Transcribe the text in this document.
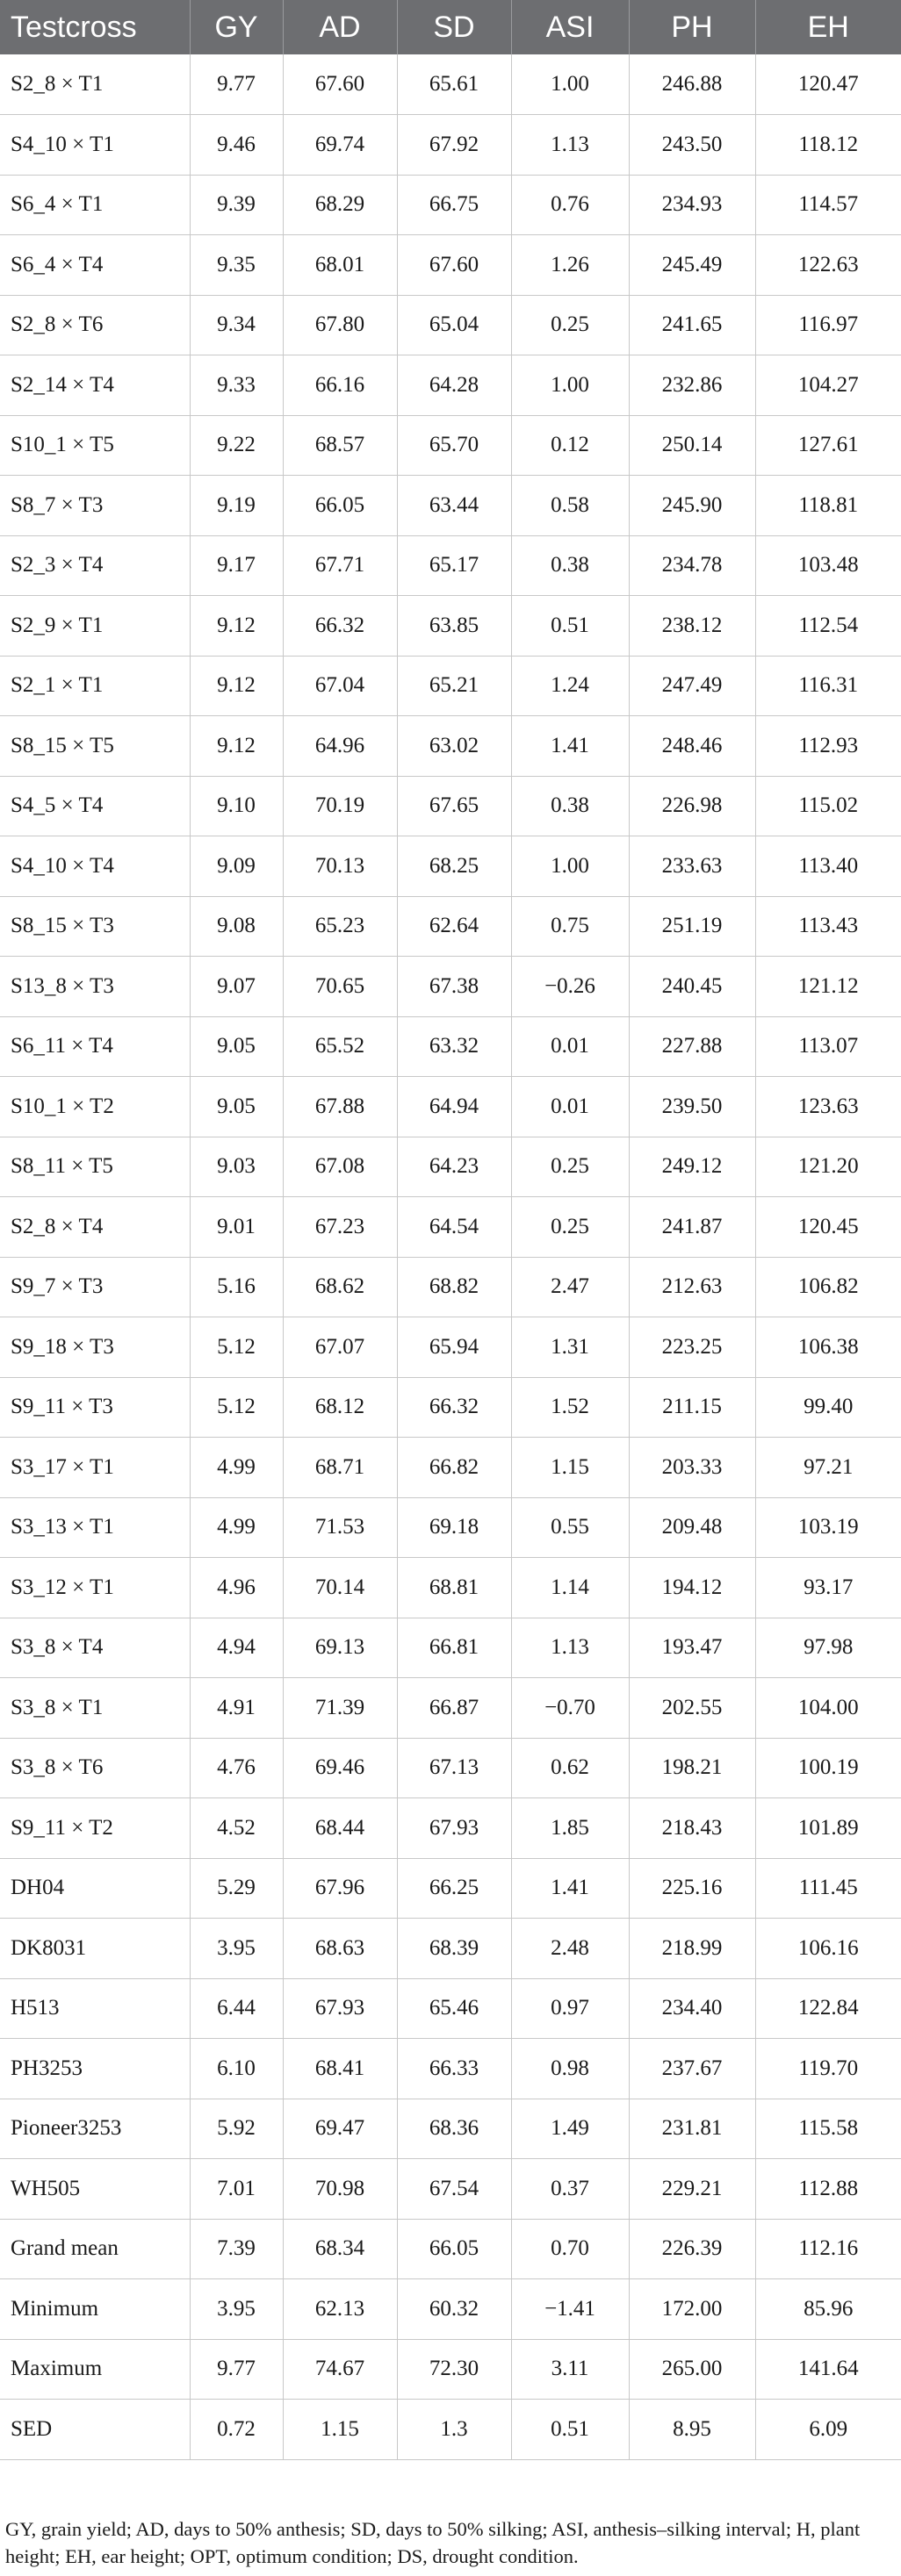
Testcross	GY	AD	SD	ASI	PH	EH
S2_8 × T1	9.77	67.60	65.61	1.00	246.88	120.47
S4_10 × T1	9.46	69.74	67.92	1.13	243.50	118.12
S6_4 × T1	9.39	68.29	66.75	0.76	234.93	114.57
S6_4 × T4	9.35	68.01	67.60	1.26	245.49	122.63
S2_8 × T6	9.34	67.80	65.04	0.25	241.65	116.97
S2_14 × T4	9.33	66.16	64.28	1.00	232.86	104.27
S10_1 × T5	9.22	68.57	65.70	0.12	250.14	127.61
S8_7 × T3	9.19	66.05	63.44	0.58	245.90	118.81
S2_3 × T4	9.17	67.71	65.17	0.38	234.78	103.48
S2_9 × T1	9.12	66.32	63.85	0.51	238.12	112.54
S2_1 × T1	9.12	67.04	65.21	1.24	247.49	116.31
S8_15 × T5	9.12	64.96	63.02	1.41	248.46	112.93
S4_5 × T4	9.10	70.19	67.65	0.38	226.98	115.02
S4_10 × T4	9.09	70.13	68.25	1.00	233.63	113.40
S8_15 × T3	9.08	65.23	62.64	0.75	251.19	113.43
S13_8 × T3	9.07	70.65	67.38	−0.26	240.45	121.12
S6_11 × T4	9.05	65.52	63.32	0.01	227.88	113.07
S10_1 × T2	9.05	67.88	64.94	0.01	239.50	123.63
S8_11 × T5	9.03	67.08	64.23	0.25	249.12	121.20
S2_8 × T4	9.01	67.23	64.54	0.25	241.87	120.45
S9_7 × T3	5.16	68.62	68.82	2.47	212.63	106.82
S9_18 × T3	5.12	67.07	65.94	1.31	223.25	106.38
S9_11 × T3	5.12	68.12	66.32	1.52	211.15	99.40
S3_17 × T1	4.99	68.71	66.82	1.15	203.33	97.21
S3_13 × T1	4.99	71.53	69.18	0.55	209.48	103.19
S3_12 × T1	4.96	70.14	68.81	1.14	194.12	93.17
S3_8 × T4	4.94	69.13	66.81	1.13	193.47	97.98
S3_8 × T1	4.91	71.39	66.87	−0.70	202.55	104.00
S3_8 × T6	4.76	69.46	67.13	0.62	198.21	100.19
S9_11 × T2	4.52	68.44	67.93	1.85	218.43	101.89
DH04	5.29	67.96	66.25	1.41	225.16	111.45
DK8031	3.95	68.63	68.39	2.48	218.99	106.16
H513	6.44	67.93	65.46	0.97	234.40	122.84
PH3253	6.10	68.41	66.33	0.98	237.67	119.70
Pioneer3253	5.92	69.47	68.36	1.49	231.81	115.58
WH505	7.01	70.98	67.54	0.37	229.21	112.88
Grand mean	7.39	68.34	66.05	0.70	226.39	112.16
Minimum	3.95	62.13	60.32	−1.41	172.00	85.96
Maximum	9.77	74.67	72.30	3.11	265.00	141.64
SED	0.72	1.15	1.3	0.51	8.95	6.09
GY, grain yield; AD, days to 50% anthesis; SD, days to 50% silking; ASI, anthesis–silking interval; H, plant height; EH, ear height; OPT, optimum condition; DS, drought condition.
